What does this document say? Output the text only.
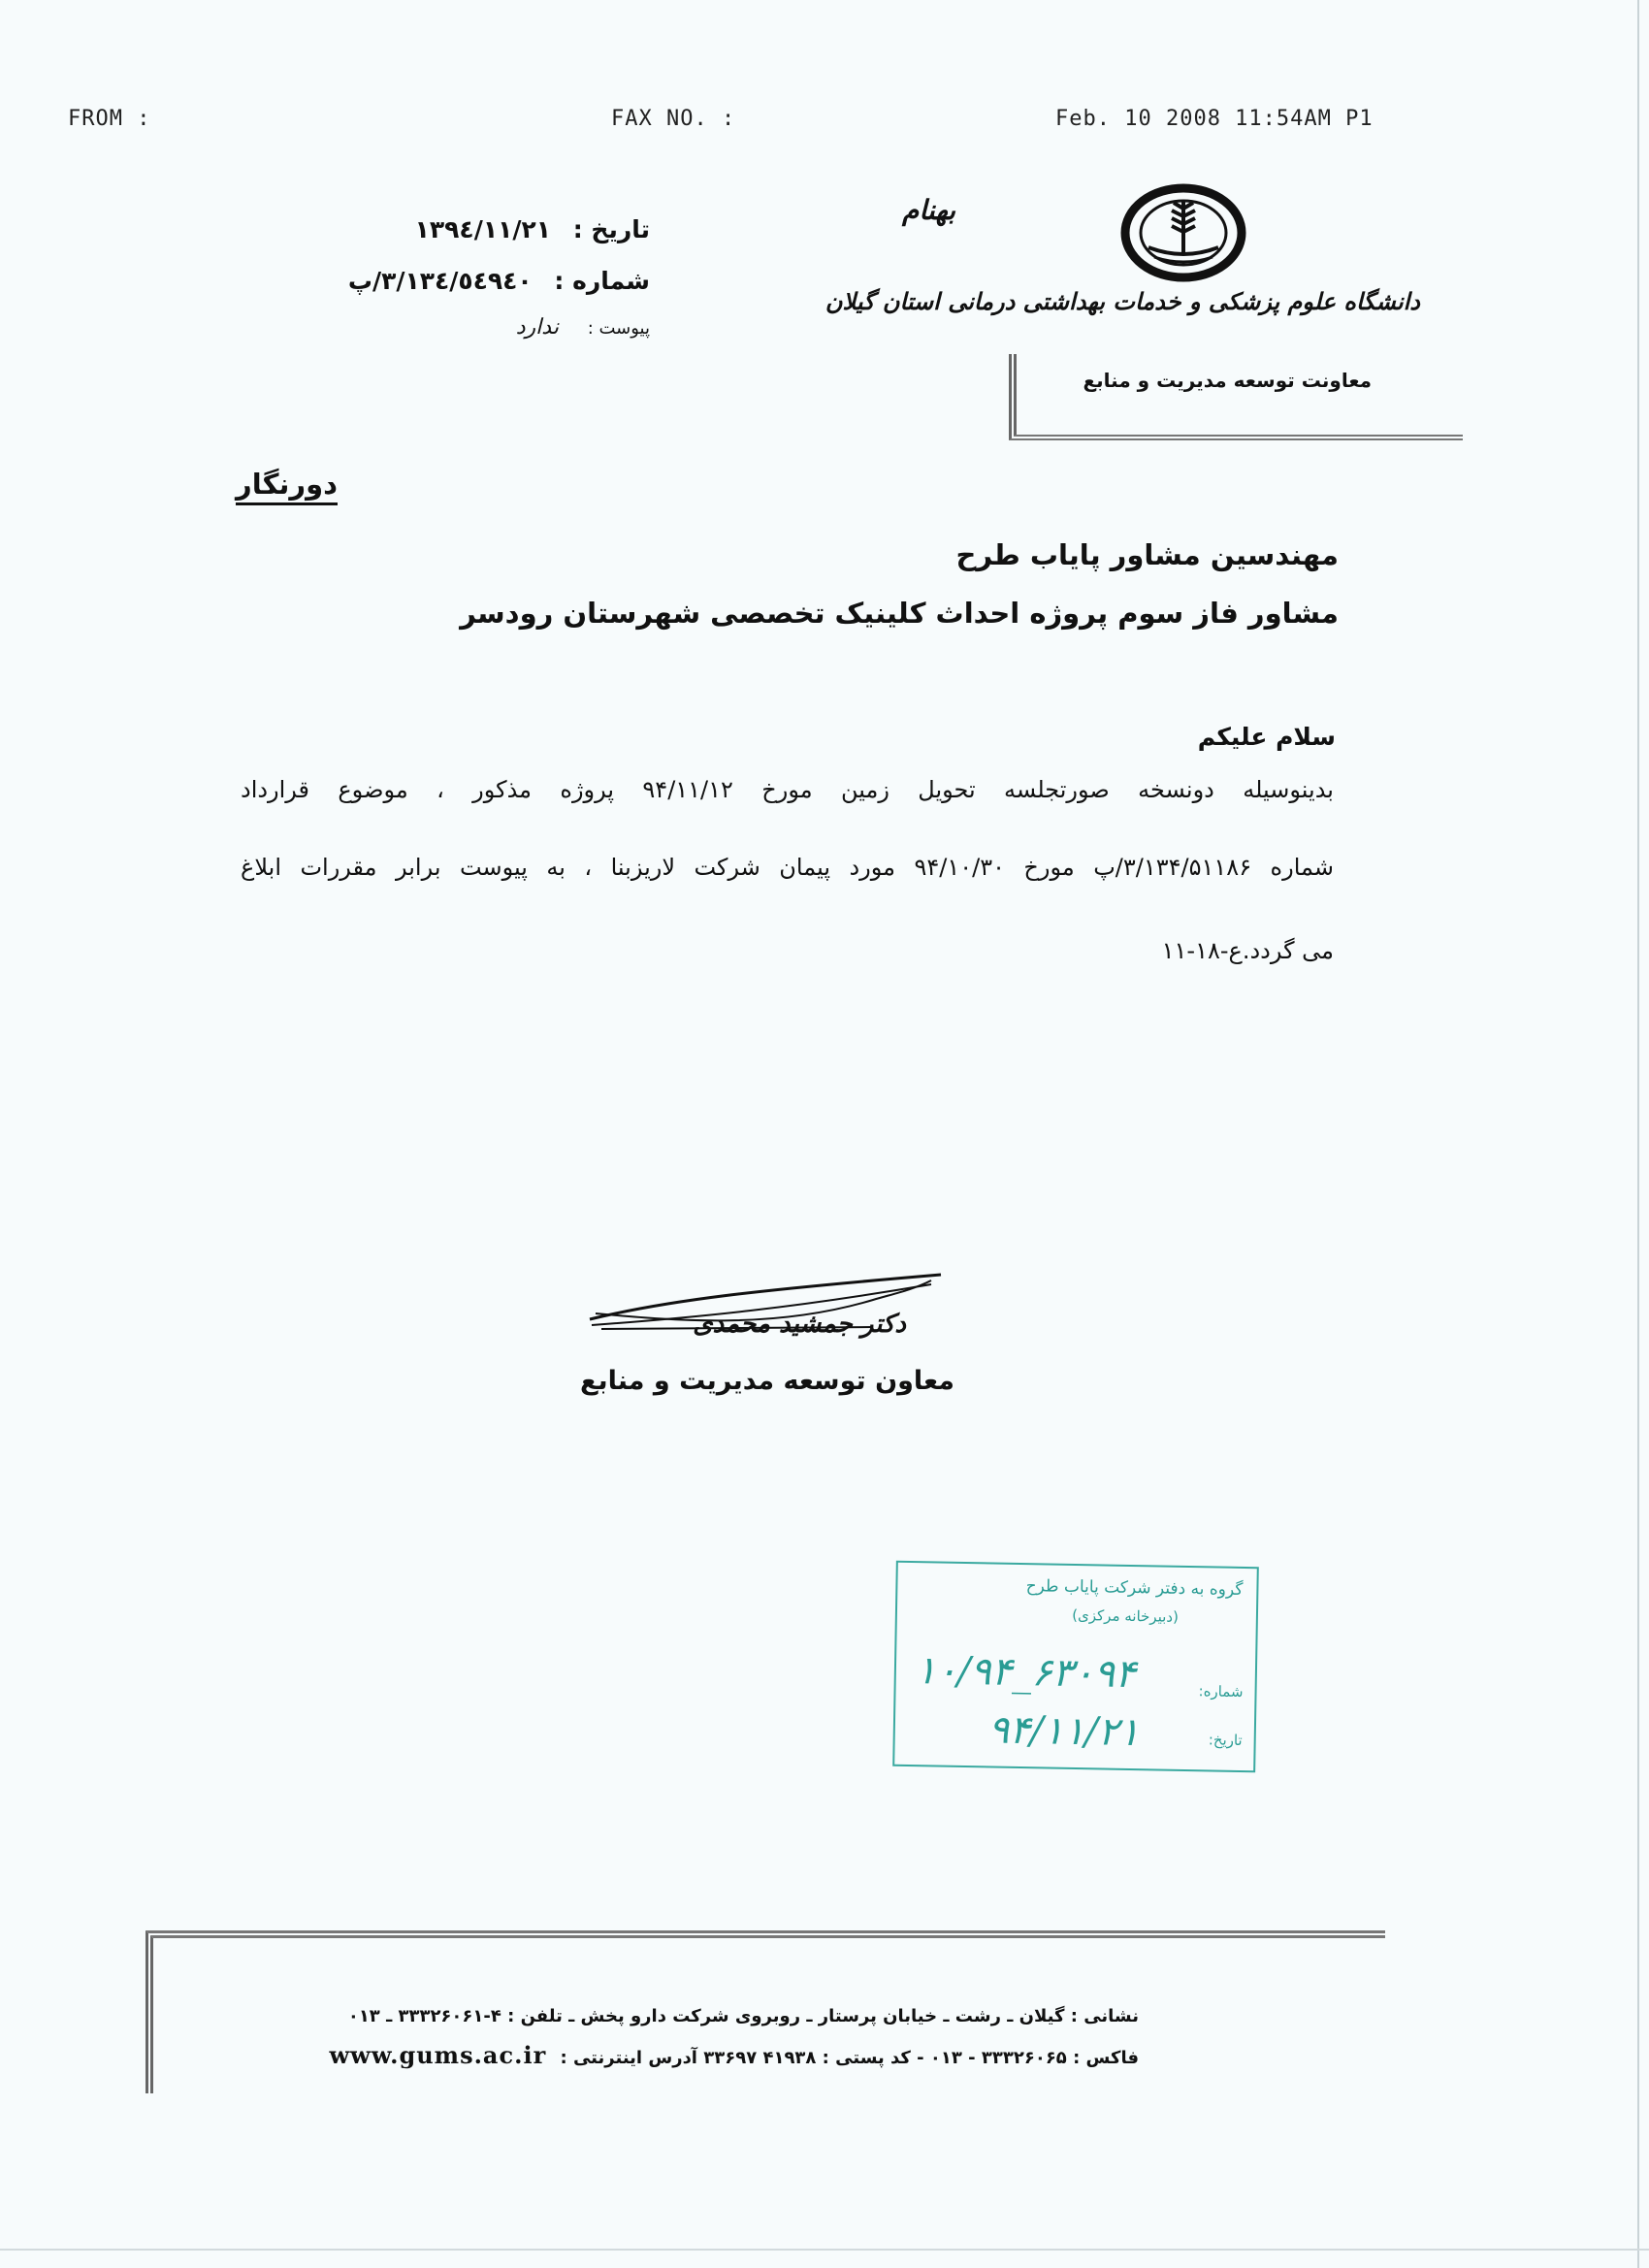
FROM :	FAX NO. :	Feb. 10 2008 11:54AM P1
تاریخ : ١٣٩٤/١١/٢١
شماره : ٣/١٣٤/٥٤٩٤٠/پ
پیوست : ندارد
بهنام
دانشگاه علوم پزشکی و خدمات بهداشتی درمانی استان گیلان
معاونت توسعه مدیریت و منابع
دورنگار
مهندسین مشاور پایاب طرح
مشاور فاز سوم پروژه احداث کلینیک تخصصی شهرستان رودسر
سلام علیکم
بدینوسیله دونسخه صورتجلسه تحویل زمین مورخ ۹۴/۱۱/۱۲ پروژه مذکور ، موضوع قرارداد
شماره ۳/۱۳۴/۵۱۱۸۶/پ مورخ ۹۴/۱۰/۳۰ مورد پیمان شرکت لاریزبنا ، به پیوست برابر مقررات ابلاغ
می گردد.ع-۱۸-۱۱
دکتر جمشید محمدی
معاون توسعه مدیریت و منابع
گروه به دفتر شرکت پایاب طرح
(دبیرخانه مرکزی)
۱۰/۹۴_۶۳۰۹۴	شماره:
۹۴/۱۱/۲۱	تاریخ:
نشانی : گیلان ـ رشت ـ خیابان پرستار ـ روبروی شرکت دارو پخش ـ تلفن : ۴-۳۳۳۲۶۰۶۱ ـ ۰۱۳
فاکس : ۳۳۳۲۶۰۶۵ - ۰۱۳ - کد پستی : ۴۱۹۳۸ ۳۳۶۹۷ آدرس اینترنتی : www.gums.ac.ir
